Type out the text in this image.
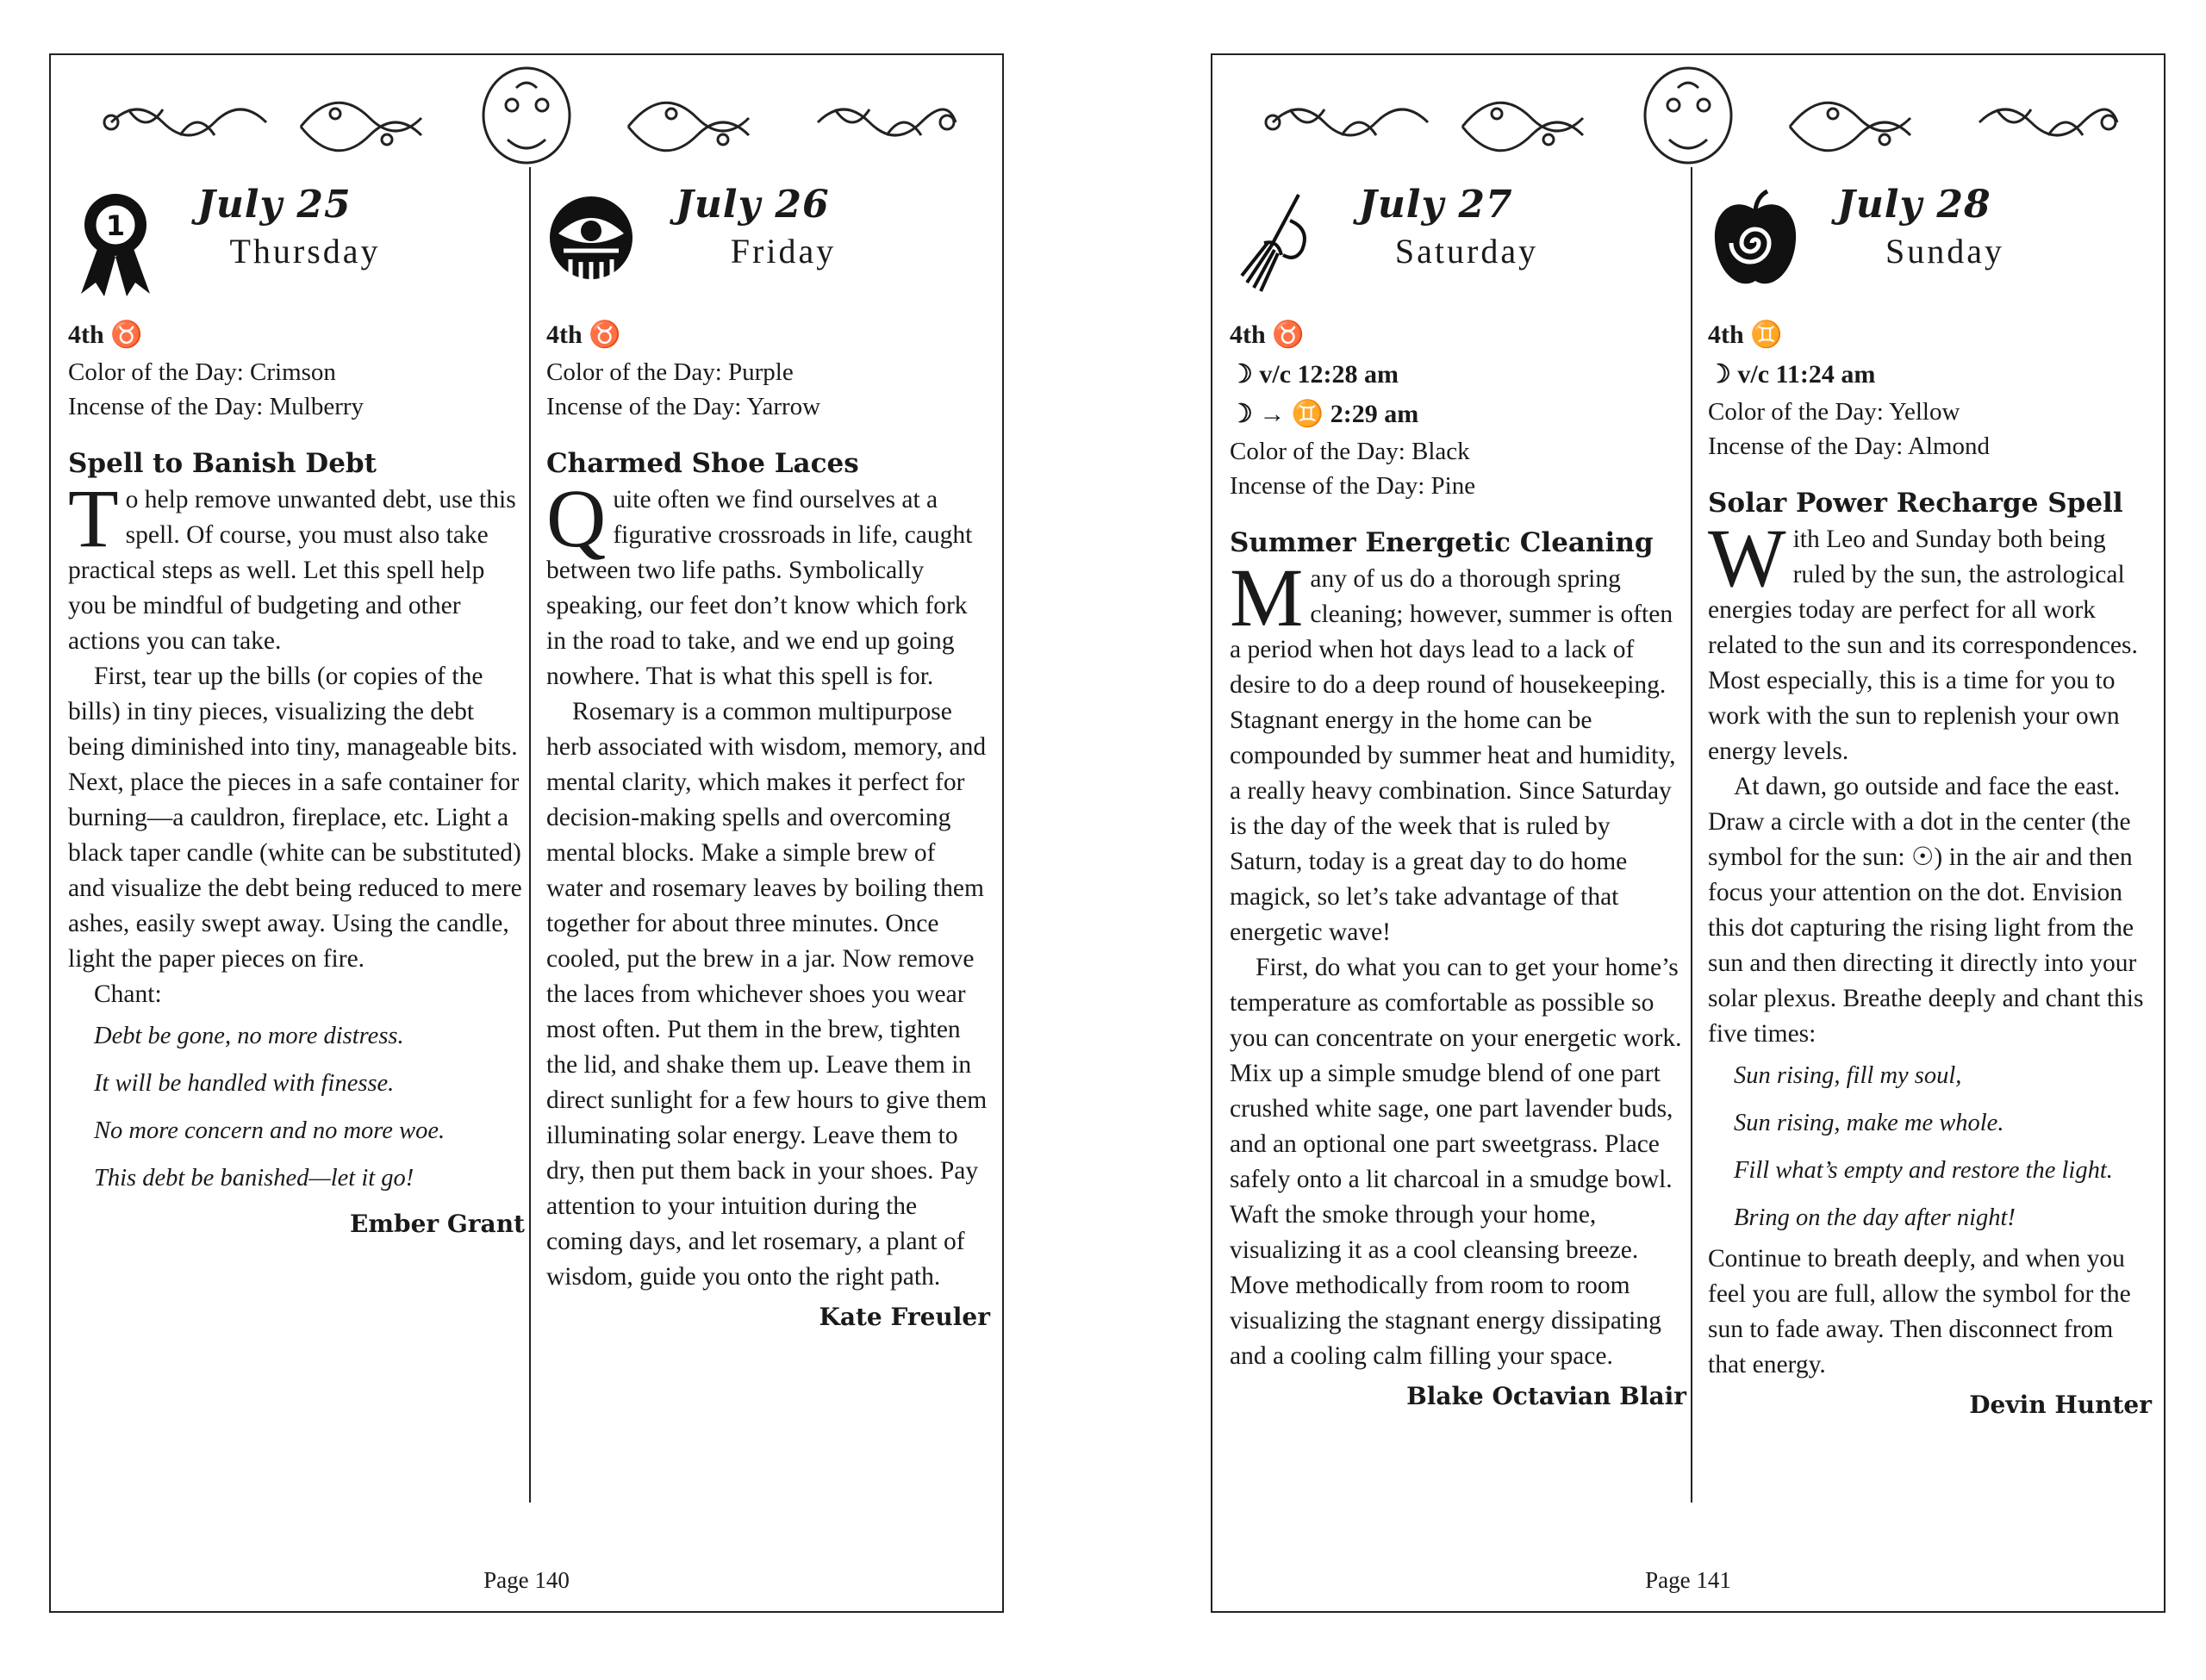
1 July 25
Thursday

4th ♉

Color of the Day: Crimson

Incense of the Day: Mulberry

Spell to Banish Debt

To help remove unwanted debt, use this spell. Of course, you must also take practical steps as well. Let this spell help you be mindful of budgeting and other actions you can take.

First, tear up the bills (or copies of the bills) in tiny pieces, visualizing the debt being diminished into tiny, manageable bits. Next, place the pieces in a safe container for burning—a cauldron, fireplace, etc. Light a black taper candle (white can be substituted) and visualize the debt being reduced to mere ashes, easily swept away. Using the candle, light the paper pieces on fire.

Chant:

Debt be gone, no more distress.

It will be handled with finesse.

No more concern and no more woe.

This debt be banished—let it go!

Ember Grant

July 26
Friday

4th ♉

Color of the Day: Purple

Incense of the Day: Yarrow

Charmed Shoe Laces

Quite often we find ourselves at a figurative crossroads in life, caught between two life paths. Symbolically speaking, our feet don’t know which fork in the road to take, and we end up going nowhere. That is what this spell is for.

Rosemary is a common multipurpose herb associated with wisdom, memory, and mental clarity, which makes it perfect for decision-making spells and overcoming mental blocks. Make a simple brew of water and rosemary leaves by boiling them together for about three minutes. Once cooled, put the brew in a jar. Now remove the laces from whichever shoes you wear most often. Put them in the brew, tighten the lid, and shake them up. Leave them in direct sunlight for a few hours to give them illuminating solar energy. Leave them to dry, then put them back in your shoes. Pay attention to your intuition during the coming days, and let rosemary, a plant of wisdom, guide you onto the right path.

Kate Freuler

Page 140
July 27
Saturday

4th ♉

☽ v/c 12:28 am

☽ → ♊ 2:29 am

Color of the Day: Black

Incense of the Day: Pine

Summer Energetic Cleaning

Many of us do a thorough spring cleaning; however, summer is often a period when hot days lead to a lack of desire to do a deep round of housekeeping. Stagnant energy in the home can be compounded by summer heat and humidity, a really heavy combination. Since Saturday is the day of the week that is ruled by Saturn, today is a great day to do home magick, so let’s take advantage of that energetic wave!

First, do what you can to get your home’s temperature as comfortable as possible so you can concentrate on your energetic work. Mix up a simple smudge blend of one part crushed white sage, one part lavender buds, and an optional one part sweetgrass. Place safely onto a lit charcoal in a smudge bowl. Waft the smoke through your home, visualizing it as a cool cleansing breeze. Move methodically from room to room visualizing the stagnant energy dissipating and a cooling calm filling your space.

Blake Octavian Blair

July 28
Sunday

4th ♊

☽ v/c 11:24 am

Color of the Day: Yellow

Incense of the Day: Almond

Solar Power Recharge Spell

With Leo and Sunday both being ruled by the sun, the astrological energies today are perfect for all work related to the sun and its correspondences. Most especially, this is a time for you to work with the sun to replenish your own energy levels.

At dawn, go outside and face the east. Draw a circle with a dot in the center (the symbol for the sun: ☉) in the air and then focus your attention on the dot. Envision this dot capturing the rising light from the sun and then directing it directly into your solar plexus. Breathe deeply and chant this five times:

Sun rising, fill my soul,

Sun rising, make me whole.

Fill what’s empty and restore the light.

Bring on the day after night!

Continue to breath deeply, and when you feel you are full, allow the symbol for the sun to fade away. Then disconnect from that energy.

Devin Hunter

Page 141
